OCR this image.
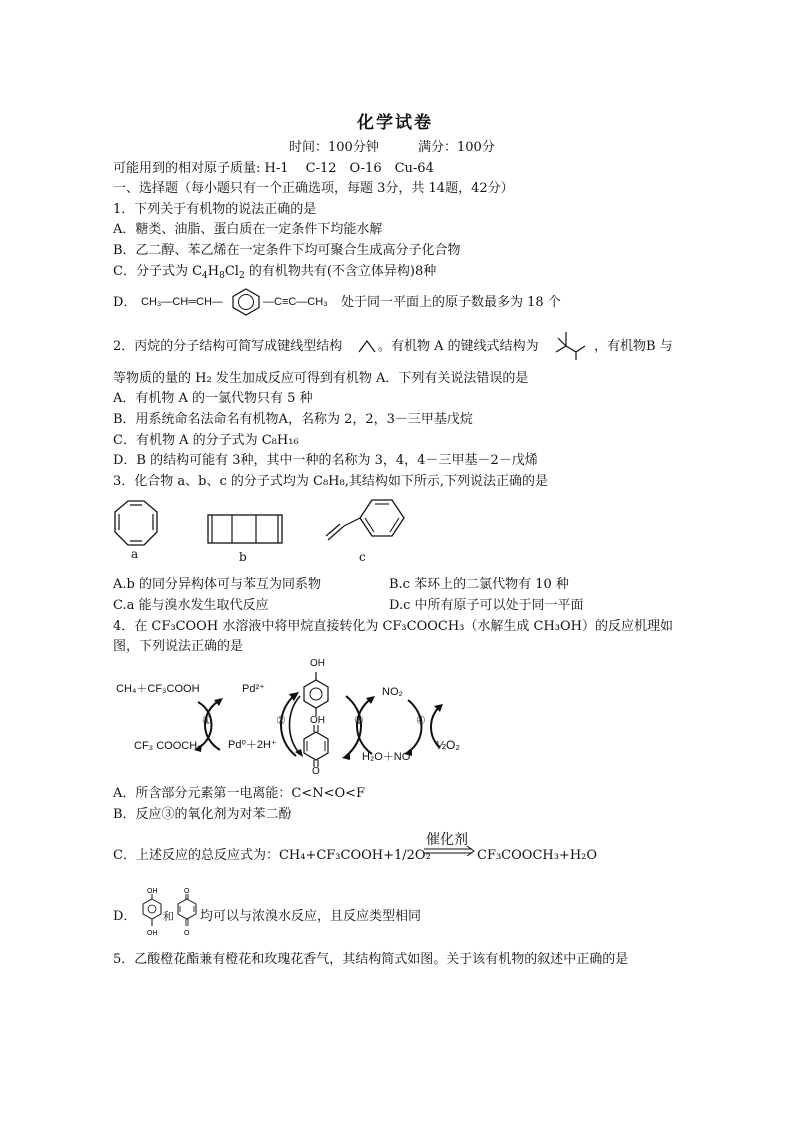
化学试卷
时间：100分钟	满分：100分
可能用到的相对原子质量: H-1　 C-12　O-16　Cu-64
一、选择题（每小题只有一个正确选项，每题 3分，共 14题，42分）
1．下列关于有机物的说法正确的是
A．糖类、油脂、蛋白质在一定条件下均能水解
B．乙二醇、苯乙烯在一定条件下均可聚合生成高分子化合物
C．分子式为 $C_4H_8Cl_2$ 的有机物共有(不含立体异构)8种
D． CH₃—CH═CH—	—C≡C—CH₃ 处于同一平面上的原子数最多为 18 个
2．丙烷的分子结构可简写成键线型结构	。有机物 A 的键线式结构为	，有机物B 与
等物质的量的 H₂ 发生加成反应可得到有机物 A．下列有关说法错误的是
A．有机物 A 的一氯代物只有 5 种
B．用系统命名法命名有机物A，名称为 2，2，3－三甲基戊烷
C．有机物 A 的分子式为 C₈H₁₆
D．B 的结构可能有 3种，其中一种的名称为 3，4，4－三甲基－2－戊烯
3．化合物 a、b、c 的分子式均为 C₈H₈,其结构如下所示,下列说法正确的是
a	b	c
A.b 的同分异构体可与苯互为同系物	B.c 苯环上的二氯代物有 10 种
C.a 能与溴水发生取代反应	D.c 中所有原子可以处于同一平面
4．在 CF₃COOH 水溶液中将甲烷直接转化为 CF₃COOCH₃（水解生成 CH₃OH）的反应机理如
图，下列说法正确的是
CH₄＋CF₃COOH	Pd²⁺
CF₃ COOCH₃ Pd⁰＋2H⁺
NO₂
H₂O＋NO
½O₂
OH
OH
O
①	②	③	④
A．所含部分元素第一电离能：C<N<O<F
B．反应③的氧化剂为对苯二酚
C．上述反应的总反应式为：CH₄+CF₃COOH+1/2O₂
催化剂
CF₃COOCH₃+H₂O
D．
OH
OH
和
O
O
均可以与浓溴水反应，且反应类型相同
5．乙酸橙花酯兼有橙花和玫瑰花香气，其结构简式如图。关于该有机物的叙述中正确的是
